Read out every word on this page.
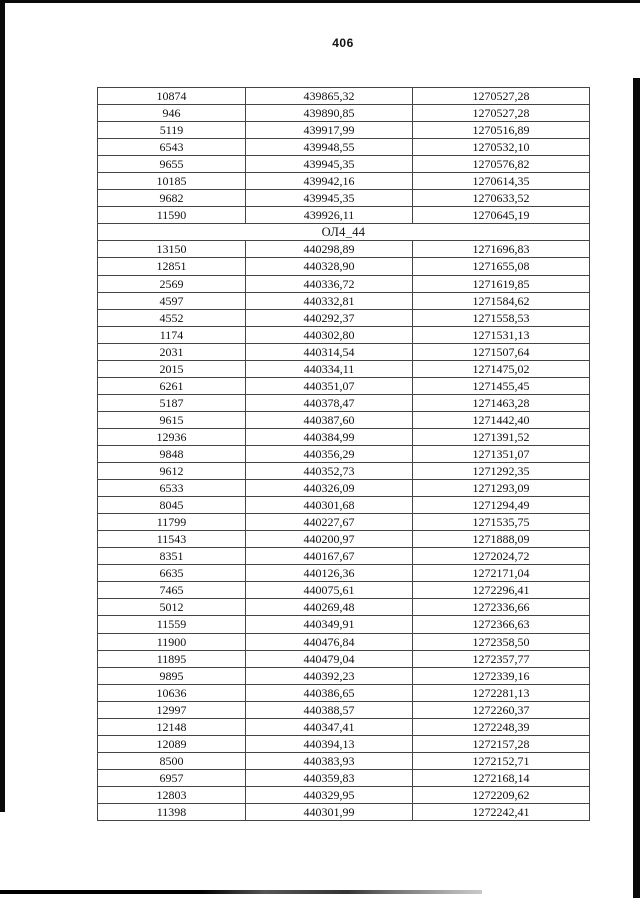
406
10874	439865,32	1270527,28
946	439890,85	1270527,28
5119	439917,99	1270516,89
6543	439948,55	1270532,10
9655	439945,35	1270576,82
10185	439942,16	1270614,35
9682	439945,35	1270633,52
11590	439926,11	1270645,19
ОЛ4_44		
13150	440298,89	1271696,83
12851	440328,90	1271655,08
2569	440336,72	1271619,85
4597	440332,81	1271584,62
4552	440292,37	1271558,53
1174	440302,80	1271531,13
2031	440314,54	1271507,64
2015	440334,11	1271475,02
6261	440351,07	1271455,45
5187	440378,47	1271463,28
9615	440387,60	1271442,40
12936	440384,99	1271391,52
9848	440356,29	1271351,07
9612	440352,73	1271292,35
6533	440326,09	1271293,09
8045	440301,68	1271294,49
11799	440227,67	1271535,75
11543	440200,97	1271888,09
8351	440167,67	1272024,72
6635	440126,36	1272171,04
7465	440075,61	1272296,41
5012	440269,48	1272336,66
11559	440349,91	1272366,63
11900	440476,84	1272358,50
11895	440479,04	1272357,77
9895	440392,23	1272339,16
10636	440386,65	1272281,13
12997	440388,57	1272260,37
12148	440347,41	1272248,39
12089	440394,13	1272157,28
8500	440383,93	1272152,71
6957	440359,83	1272168,14
12803	440329,95	1272209,62
11398	440301,99	1272242,41
